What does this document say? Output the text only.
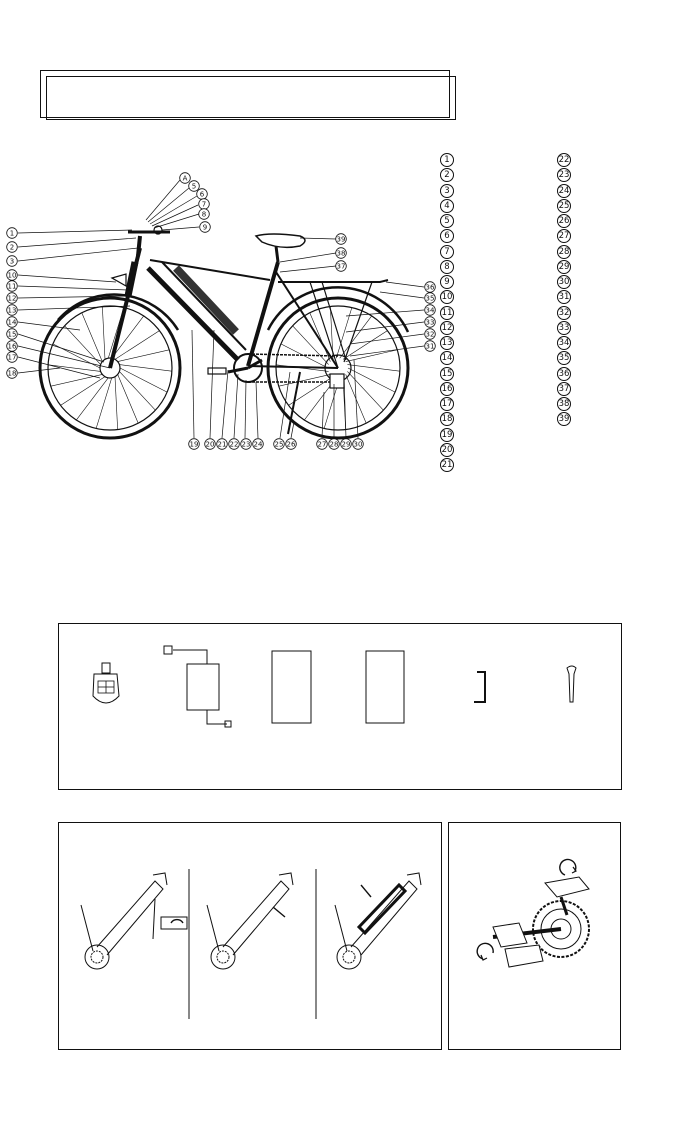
1
2
3
10
11
12
13
14
15
16
17
18
A
5
6
7
8
9
19 20 21 22 23 24 25 26	27 28 29 30
39
38
37
36
35
34
33
32
31
1
2
3
4
5
6
7
8
9
10
11
12
13
14
15
16
17
18
19
20
21
22
23
24
25
26
27
28
29
30
31
32
33
34
35
36
37
38
39
